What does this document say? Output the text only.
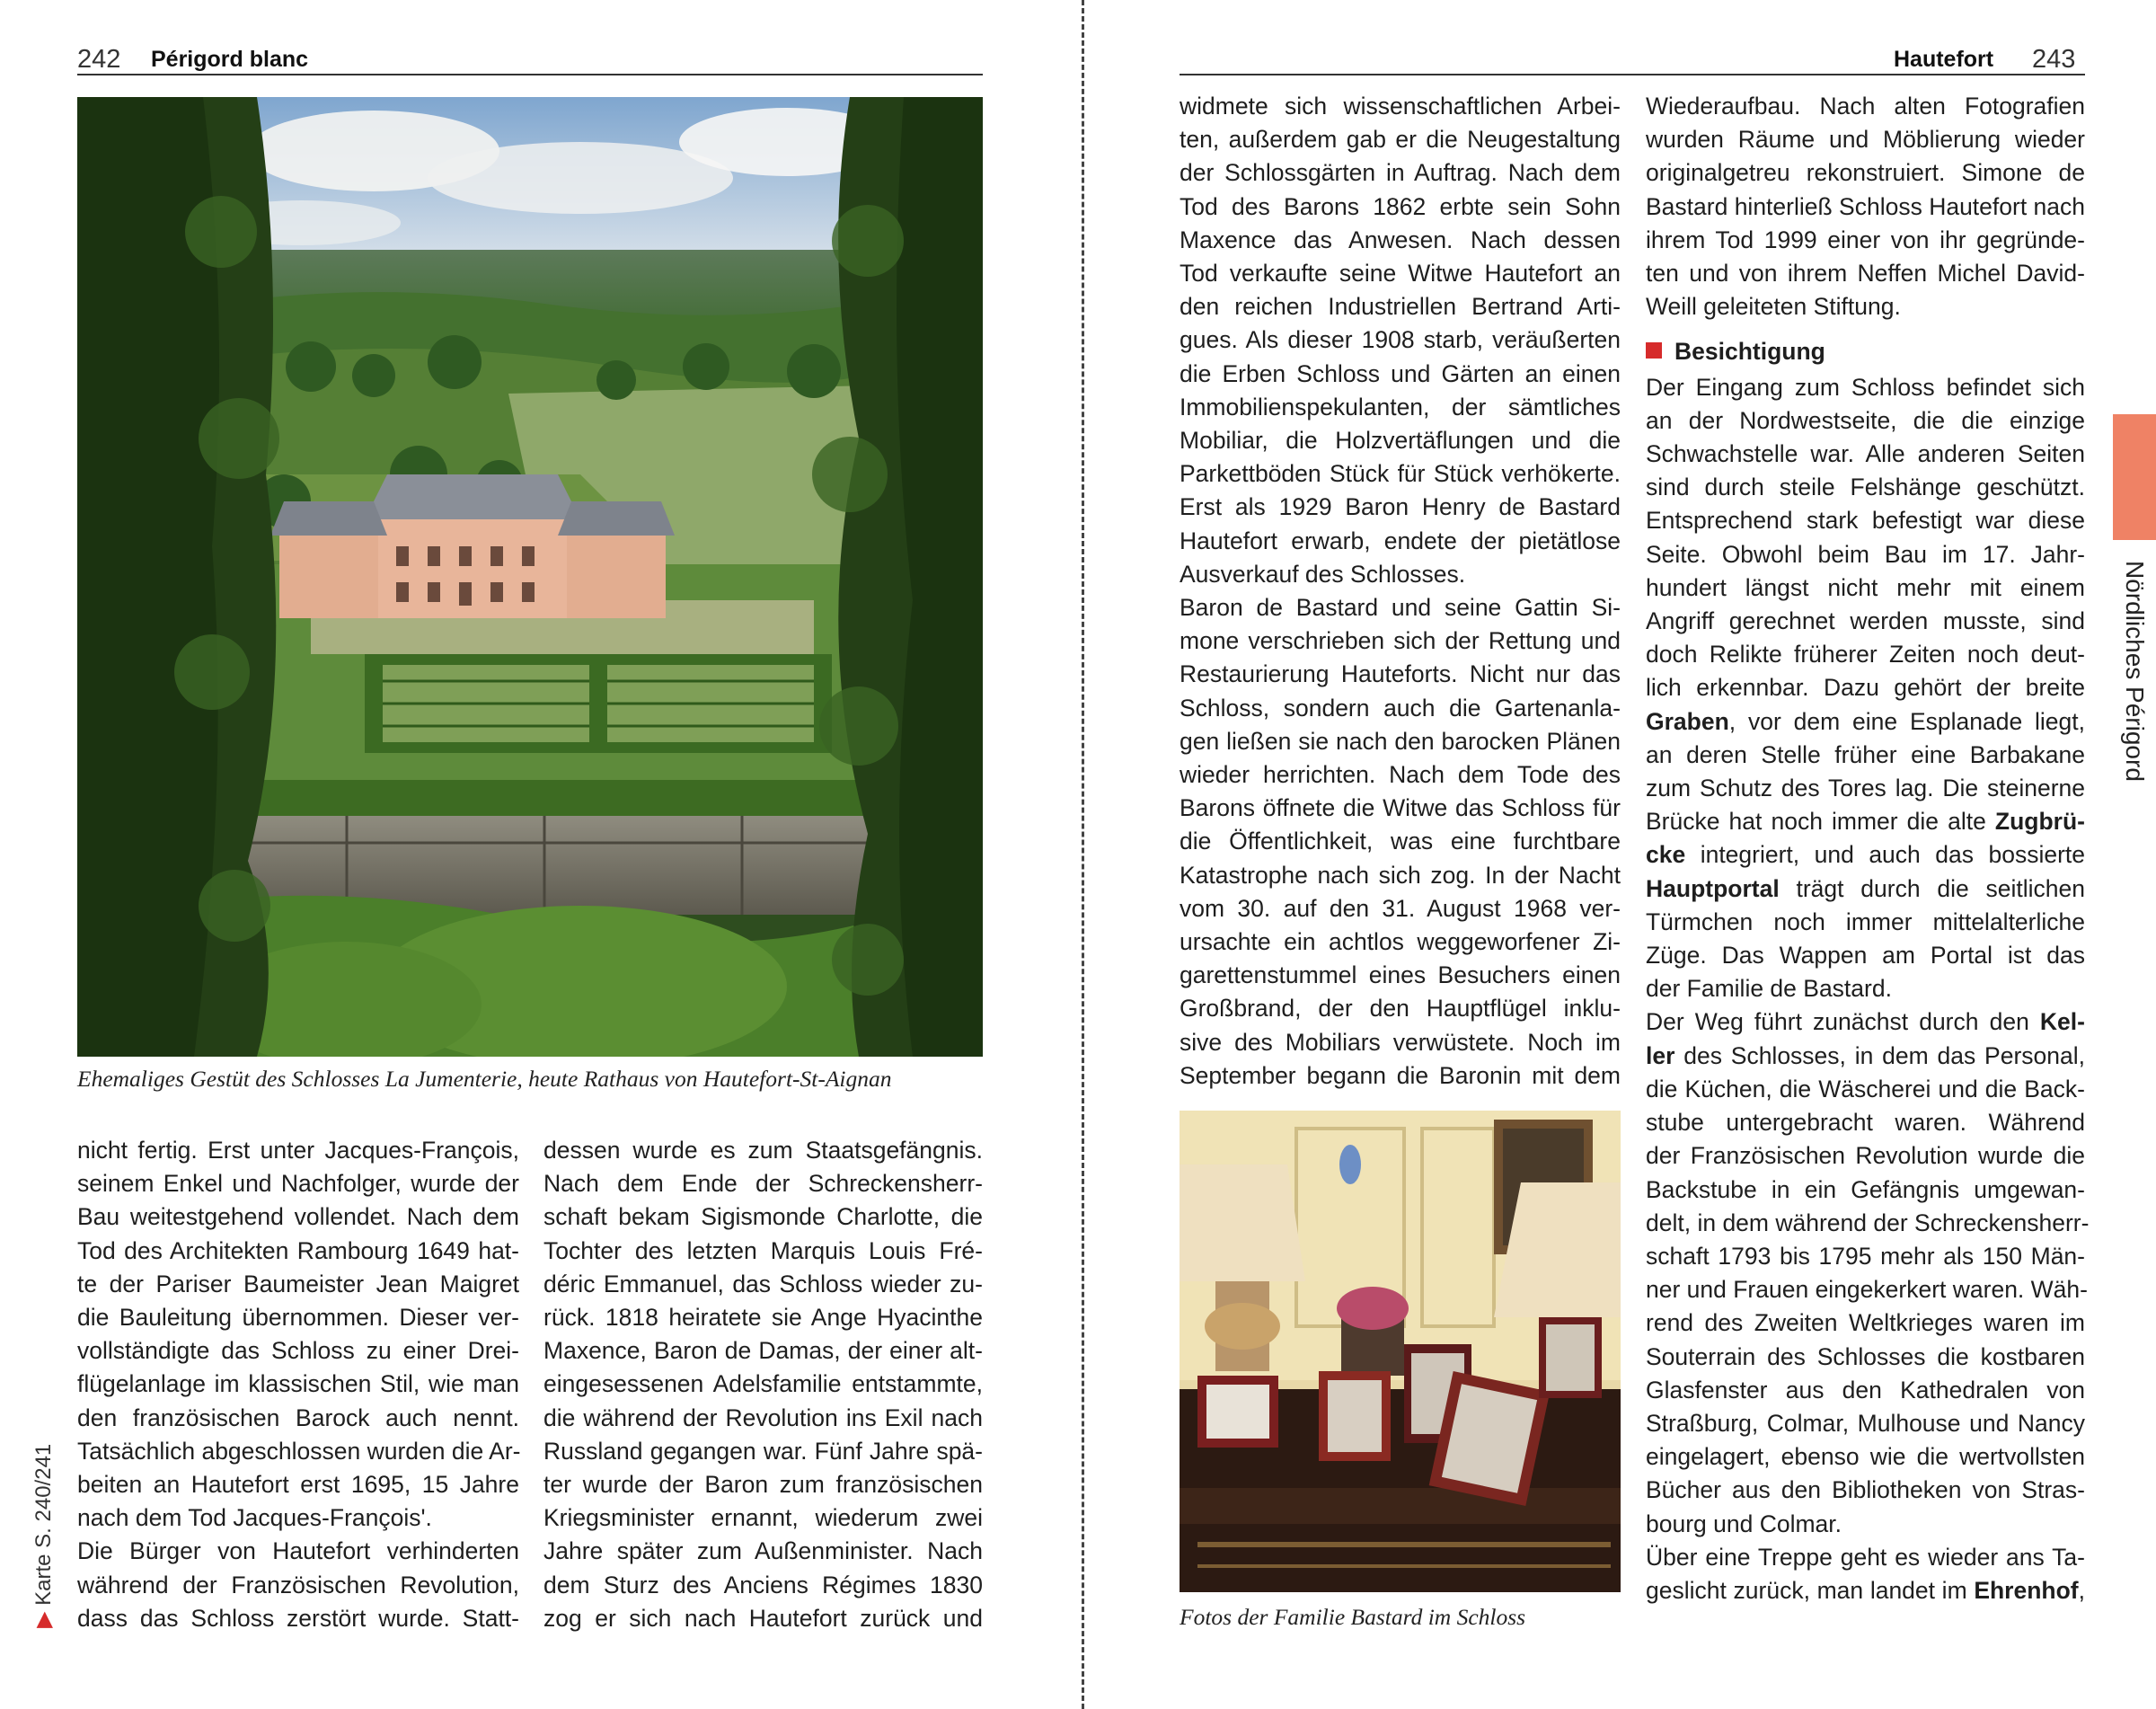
242 Périgord blanc
Ehemaliges Gestüt des Schlosses La Jumenterie, heute Rathaus von Hautefort-St-Aignan
nicht fertig. Erst unter Jacques-François,
seinem Enkel und Nachfolger, wurde der
Bau weitestgehend vollendet. Nach dem
Tod des Architekten Rambourg 1649 hat-
te der Pariser Baumeister Jean Maigret
die Bauleitung übernommen. Dieser ver-
vollständigte das Schloss zu einer Drei-
flügelanlage im klassischen Stil, wie man
den französischen Barock auch nennt.
Tatsächlich abgeschlossen wurden die Ar-
beiten an Hautefort erst 1695, 15 Jahre
nach dem Tod Jacques-François'.
Die Bürger von Hautefort verhinderten
während der Französischen Revolution,
dass das Schloss zerstört wurde. Statt-
dessen wurde es zum Staatsgefängnis.
Nach dem Ende der Schreckensherr-
schaft bekam Sigismonde Charlotte, die
Tochter des letzten Marquis Louis Fré-
déric Emmanuel, das Schloss wieder zu-
rück. 1818 heiratete sie Ange Hyacinthe
Maxence, Baron de Damas, der einer alt-
eingesessenen Adelsfamilie entstammte,
die während der Revolution ins Exil nach
Russland gegangen war. Fünf Jahre spä-
ter wurde der Baron zum französischen
Kriegsminister ernannt, wiederum zwei
Jahre später zum Außenminister. Nach
dem Sturz des Anciens Régimes 1830
zog er sich nach Hautefort zurück und
▶ Karte S. 240/241
Hautefort 243
widmete sich wissenschaftlichen Arbei-
ten, außerdem gab er die Neugestaltung
der Schlossgärten in Auftrag. Nach dem
Tod des Barons 1862 erbte sein Sohn
Maxence das Anwesen. Nach dessen
Tod verkaufte seine Witwe Hautefort an
den reichen Industriellen Bertrand Arti-
gues. Als dieser 1908 starb, veräußerten
die Erben Schloss und Gärten an einen
Immobilienspekulanten, der sämtliches
Mobiliar, die Holzvertäflungen und die
Parkettböden Stück für Stück verhökerte.
Erst als 1929 Baron Henry de Bastard
Hautefort erwarb, endete der pietätlose
Ausverkauf des Schlosses.
Baron de Bastard und seine Gattin Si-
mone verschrieben sich der Rettung und
Restaurierung Hauteforts. Nicht nur das
Schloss, sondern auch die Gartenanla-
gen ließen sie nach den barocken Plänen
wieder herrichten. Nach dem Tode des
Barons öffnete die Witwe das Schloss für
die Öffentlichkeit, was eine furchtbare
Katastrophe nach sich zog. In der Nacht
vom 30. auf den 31. August 1968 ver-
ursachte ein achtlos weggeworfener Zi-
garettenstummel eines Besuchers einen
Großbrand, der den Hauptflügel inklu-
sive des Mobiliars verwüstete. Noch im
September begann die Baronin mit dem
Fotos der Familie Bastard im Schloss
Wiederaufbau. Nach alten Fotografien
wurden Räume und Möblierung wieder
originalgetreu rekonstruiert. Simone de
Bastard hinterließ Schloss Hautefort nach
ihrem Tod 1999 einer von ihr gegründe-
ten und von ihrem Neffen Michel David-
Weill geleiteten Stiftung.
Besichtigung
Der Eingang zum Schloss befindet sich
an der Nordwestseite, die die einzige
Schwachstelle war. Alle anderen Seiten
sind durch steile Felshänge geschützt.
Entsprechend stark befestigt war diese
Seite. Obwohl beim Bau im 17. Jahr-
hundert längst nicht mehr mit einem
Angriff gerechnet werden musste, sind
doch Relikte früherer Zeiten noch deut-
lich erkennbar. Dazu gehört der breite
Graben, vor dem eine Esplanade liegt,
an deren Stelle früher eine Barbakane
zum Schutz des Tores lag. Die steinerne
Brücke hat noch immer die alte Zugbrü-
cke integriert, und auch das bossierte
Hauptportal trägt durch die seitlichen
Türmchen noch immer mittelalterliche
Züge. Das Wappen am Portal ist das
der Familie de Bastard.
Der Weg führt zunächst durch den Kel-
ler des Schlosses, in dem das Personal,
die Küchen, die Wäscherei und die Back-
stube untergebracht waren. Während
der Französischen Revolution wurde die
Backstube in ein Gefängnis umgewan-
delt, in dem während der Schreckensherr-
schaft 1793 bis 1795 mehr als 150 Män-
ner und Frauen eingekerkert waren. Wäh-
rend des Zweiten Weltkrieges waren im
Souterrain des Schlosses die kostbaren
Glasfenster aus den Kathedralen von
Straßburg, Colmar, Mulhouse und Nancy
eingelagert, ebenso wie die wertvollsten
Bücher aus den Bibliotheken von Stras-
bourg und Colmar.
Über eine Treppe geht es wieder ans Ta-
geslicht zurück, man landet im Ehrenhof,
Nördliches Périgord
